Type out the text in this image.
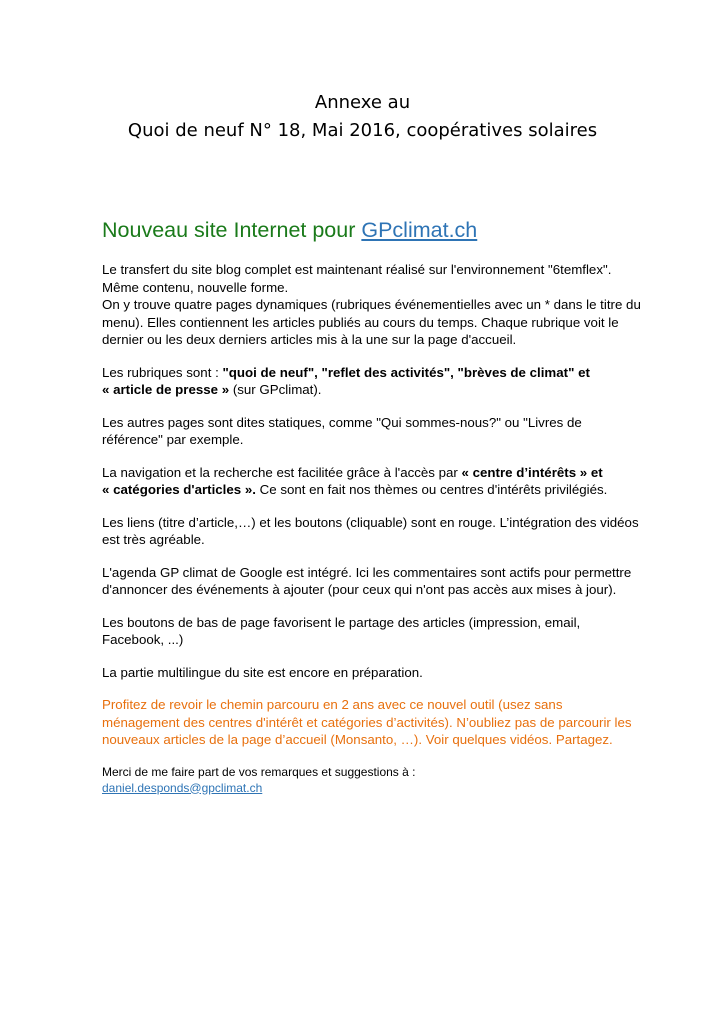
Annexe au
Quoi de neuf N° 18, Mai 2016, coopératives solaires
Nouveau site Internet pour GPclimat.ch

Le transfert du site blog complet est maintenant réalisé sur l'environnement "6temflex".
Même contenu, nouvelle forme.
On y trouve quatre pages dynamiques (rubriques événementielles avec un * dans le titre du menu). Elles contiennent les articles publiés au cours du temps. Chaque rubrique voit le dernier ou les deux derniers articles mis à la une sur la page d'accueil.

Les rubriques sont : "quoi de neuf", "reflet des activités", "brèves de climat" et
« article de presse » (sur GPclimat).

Les autres pages sont dites statiques, comme "Qui sommes-nous?" ou "Livres de référence" par exemple.

La navigation et la recherche est facilitée grâce à l'accès par « centre d’intérêts » et
« catégories d'articles ». Ce sont en fait nos thèmes ou centres d'intérêts privilégiés.

Les liens (titre d’article,…) et les boutons (cliquable) sont en rouge. L’intégration des vidéos est très agréable.

L'agenda GP climat de Google est intégré. Ici les commentaires sont actifs pour permettre d'annoncer des événements à ajouter (pour ceux qui n'ont pas accès aux mises à jour).

Les boutons de bas de page favorisent le partage des articles (impression, email, Facebook, ...)

La partie multilingue du site est encore en préparation.

Profitez de revoir le chemin parcouru en 2 ans avec ce nouvel outil (usez sans ménagement des centres d'intérêt et catégories d’activités). N’oubliez pas de parcourir les nouveaux articles de la page d’accueil (Monsanto, …). Voir quelques vidéos. Partagez.

Merci de me faire part de vos remarques et suggestions à :
daniel.desponds@gpclimat.ch
